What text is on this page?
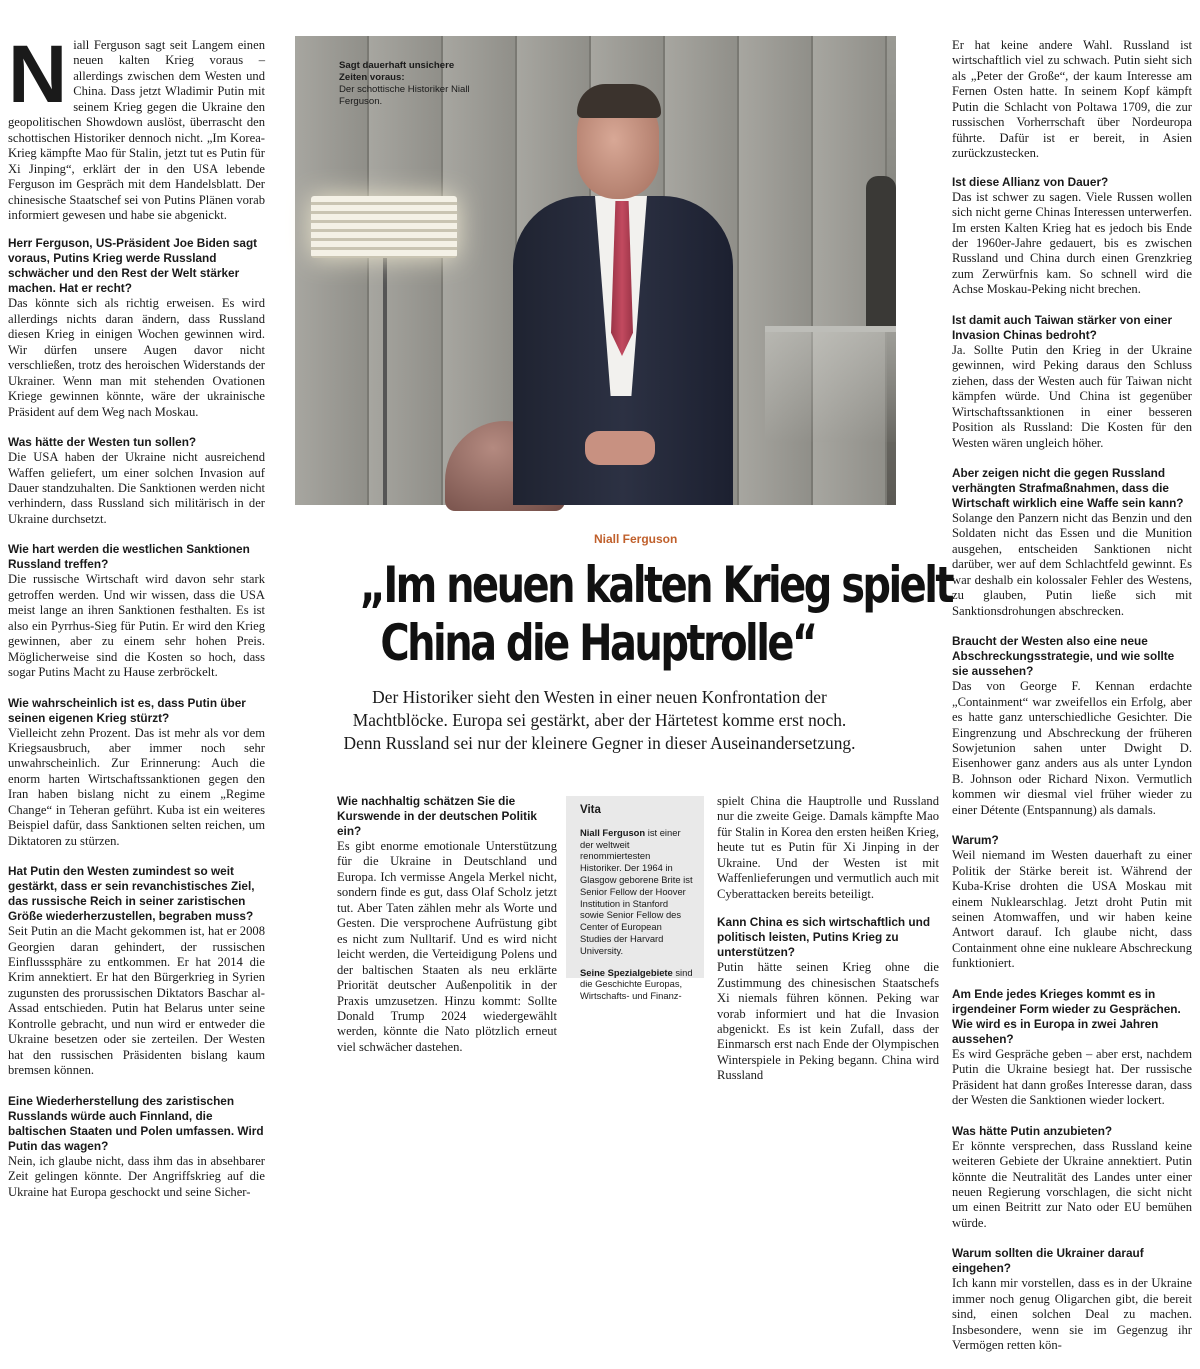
Niall Ferguson sagt seit Langem einen neuen kalten Krieg voraus – allerdings zwischen dem Westen und China. Dass jetzt Wladimir Putin mit seinem Krieg gegen die Ukraine den geopolitischen Showdown auslöst, überrascht den schottischen Historiker dennoch nicht. „Im Korea-Krieg kämpfte Mao für Stalin, jetzt tut es Putin für Xi Jinping“, erklärt der in den USA lebende Ferguson im Gespräch mit dem Handelsblatt. Der chinesische Staatschef sei von Putins Plänen vorab informiert gewesen und habe sie abgenickt.

Herr Ferguson, US-Präsident Joe Biden sagt voraus, Putins Krieg werde Russland schwächer und den Rest der Welt stärker machen. Hat er recht?
Das könnte sich als richtig erweisen. Es wird allerdings nichts daran ändern, dass Russland diesen Krieg in einigen Wochen gewinnen wird. Wir dürfen unsere Augen davor nicht verschließen, trotz des heroischen Widerstands der Ukrainer. Wenn man mit stehenden Ovationen Kriege gewinnen könnte, wäre der ukrainische Präsident auf dem Weg nach Moskau.
Was hätte der Westen tun sollen?
Die USA haben der Ukraine nicht ausreichend Waffen geliefert, um einer solchen Invasion auf Dauer standzuhalten. Die Sanktionen werden nicht verhindern, dass Russland sich militärisch in der Ukraine durchsetzt.
Wie hart werden die westlichen Sanktionen Russland treffen?
Die russische Wirtschaft wird davon sehr stark getroffen werden. Und wir wissen, dass die USA meist lange an ihren Sanktionen festhalten. Es ist also ein Pyrrhus-Sieg für Putin. Er wird den Krieg gewinnen, aber zu einem sehr hohen Preis. Möglicherweise sind die Kosten so hoch, dass sogar Putins Macht zu Hause zerbröckelt.
Wie wahrscheinlich ist es, dass Putin über seinen eigenen Krieg stürzt?
Vielleicht zehn Prozent. Das ist mehr als vor dem Kriegsausbruch, aber immer noch sehr unwahrscheinlich. Zur Erinnerung: Auch die enorm harten Wirtschaftssanktionen gegen den Iran haben bislang nicht zu einem „Regime Change“ in Teheran geführt. Kuba ist ein weiteres Beispiel dafür, dass Sanktionen selten reichen, um Diktatoren zu stürzen.
Hat Putin den Westen zumindest so weit gestärkt, dass er sein revanchistisches Ziel, das russische Reich in seiner zaristischen Größe wiederherzustellen, begraben muss?
Seit Putin an die Macht gekommen ist, hat er 2008 Georgien daran gehindert, der russischen Einflusssphäre zu entkommen. Er hat 2014 die Krim annektiert. Er hat den Bürgerkrieg in Syrien zugunsten des prorussischen Diktators Baschar al-Assad entschieden. Putin hat Belarus unter seine Kontrolle gebracht, und nun wird er entweder die Ukraine besetzen oder sie zerteilen. Der Westen hat den russischen Präsidenten bislang kaum bremsen können.
Eine Wiederherstellung des zaristischen Russlands würde auch Finnland, die baltischen Staaten und Polen umfassen. Wird Putin das wagen?
Nein, ich glaube nicht, dass ihm das in absehbarer Zeit gelingen könnte. Der Angriffskrieg auf die Ukraine hat Europa geschockt und seine Sicher-
Sagt dauerhaft unsichere Zeiten voraus:
Der schottische Historiker Niall Ferguson.
Niall Ferguson
„Im neuen kalten Krieg spielt
China die Hauptrolle“
Der Historiker sieht den Westen in einer neuen Konfrontation der
Machtblöcke. Europa sei gestärkt, aber der Härtetest komme erst noch.
Denn Russland sei nur der kleinere Gegner in dieser Auseinandersetzung.
Wie nachhaltig schätzen Sie die Kurswende in der deutschen Politik ein?
Es gibt enorme emotionale Unterstützung für die Ukraine in Deutschland und Europa. Ich vermisse Angela Merkel nicht, sondern finde es gut, dass Olaf Scholz jetzt tut. Aber Taten zählen mehr als Worte und Gesten. Die versprochene Aufrüstung gibt es nicht zum Nulltarif. Und es wird nicht leicht werden, die Verteidigung Polens und der baltischen Staaten als neu erklärte Priorität deutscher Außenpolitik in der Praxis umzusetzen. Hinzu kommt: Sollte Donald Trump 2024 wiedergewählt werden, könnte die Nato plötzlich erneut viel schwächer dastehen.
Vita

Niall Ferguson ist einer der weltweit renommiertesten Historiker. Der 1964 in Glasgow geborene Brite ist Senior Fellow der Hoover Institution in Stanford sowie Senior Fellow des Center of European Studies der Harvard University.

Seine Spezialgebiete sind die Geschichte Europas, Wirtschafts- und Finanz-

spielt China die Hauptrolle und Russland nur die zweite Geige. Damals kämpfte Mao für Stalin in Korea den ersten heißen Krieg, heute tut es Putin für Xi Jinping in der Ukraine. Und der Westen ist mit Waffenlieferungen und vermutlich auch mit Cyberattacken bereits beteiligt.

Kann China es sich wirtschaftlich und politisch leisten, Putins Krieg zu unterstützen?
Putin hätte seinen Krieg ohne die Zustimmung des chinesischen Staatschefs Xi niemals führen können. Peking war vorab informiert und hat die Invasion abgenickt. Es ist kein Zufall, dass der Einmarsch erst nach Ende der Olympischen Winterspiele in Peking begann. China wird Russland

Er hat keine andere Wahl. Russland ist wirtschaftlich viel zu schwach. Putin sieht sich als „Peter der Große“, der kaum Interesse am Fernen Osten hatte. In seinem Kopf kämpft Putin die Schlacht von Poltawa 1709, die zur russischen Vorherrschaft über Nordeuropa führte. Dafür ist er bereit, in Asien zurückzustecken.

Ist diese Allianz von Dauer?
Das ist schwer zu sagen. Viele Russen wollen sich nicht gerne Chinas Interessen unterwerfen. Im ersten Kalten Krieg hat es jedoch bis Ende der 1960er-Jahre gedauert, bis es zwischen Russland und China durch einen Grenzkrieg zum Zerwürfnis kam. So schnell wird die Achse Moskau-Peking nicht brechen.
Ist damit auch Taiwan stärker von einer Invasion Chinas bedroht?
Ja. Sollte Putin den Krieg in der Ukraine gewinnen, wird Peking daraus den Schluss ziehen, dass der Westen auch für Taiwan nicht kämpfen würde. Und China ist gegenüber Wirtschaftssanktionen in einer besseren Position als Russland: Die Kosten für den Westen wären ungleich höher.
Aber zeigen nicht die gegen Russland verhängten Strafmaßnahmen, dass die Wirtschaft wirklich eine Waffe sein kann?
Solange den Panzern nicht das Benzin und den Soldaten nicht das Essen und die Munition ausgehen, entscheiden Sanktionen nicht darüber, wer auf dem Schlachtfeld gewinnt. Es war deshalb ein kolossaler Fehler des Westens, zu glauben, Putin ließe sich mit Sanktionsdrohungen abschrecken.
Braucht der Westen also eine neue Abschreckungsstrategie, und wie sollte sie aussehen?
Das von George F. Kennan erdachte „Containment“ war zweifellos ein Erfolg, aber es hatte ganz unterschiedliche Gesichter. Die Eingrenzung und Abschreckung der früheren Sowjetunion sahen unter Dwight D. Eisenhower ganz anders aus als unter Lyndon B. Johnson oder Richard Nixon. Vermutlich kommen wir diesmal viel früher wieder zu einer Détente (Entspannung) als damals.
Warum?
Weil niemand im Westen dauerhaft zu einer Politik der Stärke bereit ist. Während der Kuba-Krise drohten die USA Moskau mit einem Nuklearschlag. Jetzt droht Putin mit seinen Atomwaffen, und wir haben keine Antwort darauf. Ich glaube nicht, dass Containment ohne eine nukleare Abschreckung funktioniert.
Am Ende jedes Krieges kommt es in irgendeiner Form wieder zu Gesprächen. Wie wird es in Europa in zwei Jahren aussehen?
Es wird Gespräche geben – aber erst, nachdem Putin die Ukraine besiegt hat. Der russische Präsident hat dann großes Interesse daran, dass der Westen die Sanktionen wieder lockert.
Was hätte Putin anzubieten?
Er könnte versprechen, dass Russland keine weiteren Gebiete der Ukraine annektiert. Putin könnte die Neutralität des Landes unter einer neuen Regierung vorschlagen, die sicht nicht um einen Beitritt zur Nato oder EU bemühen würde.
Warum sollten die Ukrainer darauf eingehen?
Ich kann mir vorstellen, dass es in der Ukraine immer noch genug Oligarchen gibt, die bereit sind, einen solchen Deal zu machen. Insbesondere, wenn sie im Gegenzug ihr Vermögen retten kön-
